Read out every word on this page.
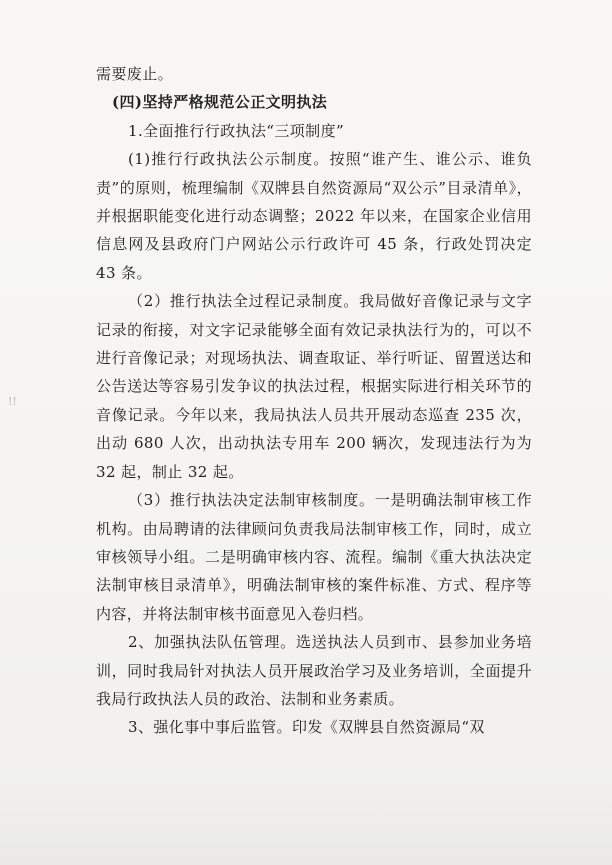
需要废止。

(四)坚持严格规范公正文明执法

1.全面推行行政执法“三项制度”

(1)推行行政执法公示制度。按照“谁产生、谁公示、谁负责”的原则，梳理编制《双牌县自然资源局“双公示”目录清单》，并根据职能变化进行动态调整；2022 年以来，在国家企业信用信息网及县政府门户网站公示行政许可 45 条，行政处罚决定 43 条。

（2）推行执法全过程记录制度。我局做好音像记录与文字记录的衔接，对文字记录能够全面有效记录执法行为的，可以不进行音像记录；对现场执法、调查取证、举行听证、留置送达和公告送达等容易引发争议的执法过程，根据实际进行相关环节的音像记录。今年以来，我局执法人员共开展动态巡查 235 次，出动 680 人次，出动执法专用车 200 辆次，发现违法行为为 32 起，制止 32 起。

（3）推行执法决定法制审核制度。一是明确法制审核工作机构。由局聘请的法律顾问负责我局法制审核工作，同时，成立审核领导小组。二是明确审核内容、流程。编制《重大执法决定法制审核目录清单》，明确法制审核的案件标准、方式、程序等内容，并将法制审核书面意见入卷归档。

2、加强执法队伍管理。选送执法人员到市、县参加业务培训，同时我局针对执法人员开展政治学习及业务培训，全面提升我局行政执法人员的政治、法制和业务素质。

3、强化事中事后监管。印发《双牌县自然资源局“双

!!
